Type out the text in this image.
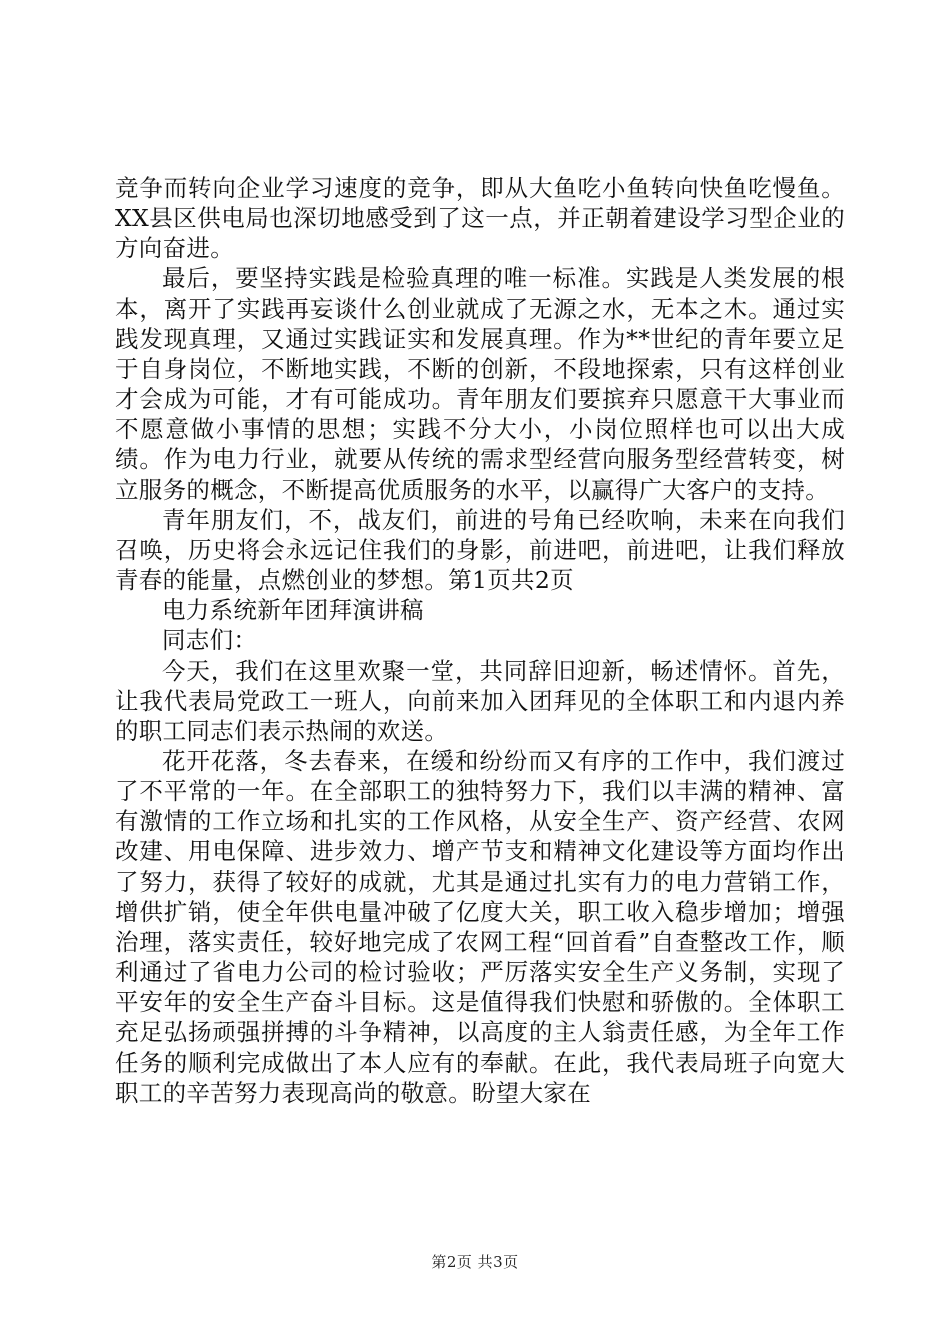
竞争而转向企业学习速度的竞争，即从大鱼吃小鱼转向快鱼吃慢鱼。XX县区供电局也深切地感受到了这一点，并正朝着建设学习型企业的方向奋进。

最后，要坚持实践是检验真理的唯一标准。实践是人类发展的根本，离开了实践再妄谈什么创业就成了无源之水，无本之木。通过实践发现真理，又通过实践证实和发展真理。作为**世纪的青年要立足于自身岗位，不断地实践，不断的创新，不段地探索，只有这样创业才会成为可能，才有可能成功。青年朋友们要摈弃只愿意干大事业而不愿意做小事情的思想；实践不分大小，小岗位照样也可以出大成绩。作为电力行业，就要从传统的需求型经营向服务型经营转变，树立服务的概念，不断提高优质服务的水平，以赢得广大客户的支持。

青年朋友们，不，战友们，前进的号角已经吹响，未来在向我们召唤，历史将会永远记住我们的身影，前进吧，前进吧，让我们释放青春的能量，点燃创业的梦想。第1页共2页

电力系统新年团拜演讲稿

同志们：

今天，我们在这里欢聚一堂，共同辞旧迎新，畅述情怀。首先，让我代表局党政工一班人，向前来加入团拜见的全体职工和内退内养的职工同志们表示热闹的欢送。

花开花落，冬去春来，在缓和纷纷而又有序的工作中，我们渡过了不平常的一年。在全部职工的独特努力下，我们以丰满的精神、富有激情的工作立场和扎实的工作风格，从安全生产、资产经营、农网改建、用电保障、进步效力、增产节支和精神文化建设等方面均作出了努力，获得了较好的成就，尤其是通过扎实有力的电力营销工作，增供扩销，使全年供电量冲破了亿度大关，职工收入稳步增加；增强治理，落实责任，较好地完成了农网工程“回首看”自查整改工作，顺利通过了省电力公司的检讨验收；严厉落实安全生产义务制，实现了平安年的安全生产奋斗目标。这是值得我们快慰和骄傲的。全体职工充足弘扬顽强拼搏的斗争精神，以高度的主人翁责任感，为全年工作任务的顺利完成做出了本人应有的奉献。在此，我代表局班子向宽大职工的辛苦努力表现高尚的敬意。盼望大家在

第2页 共3页
